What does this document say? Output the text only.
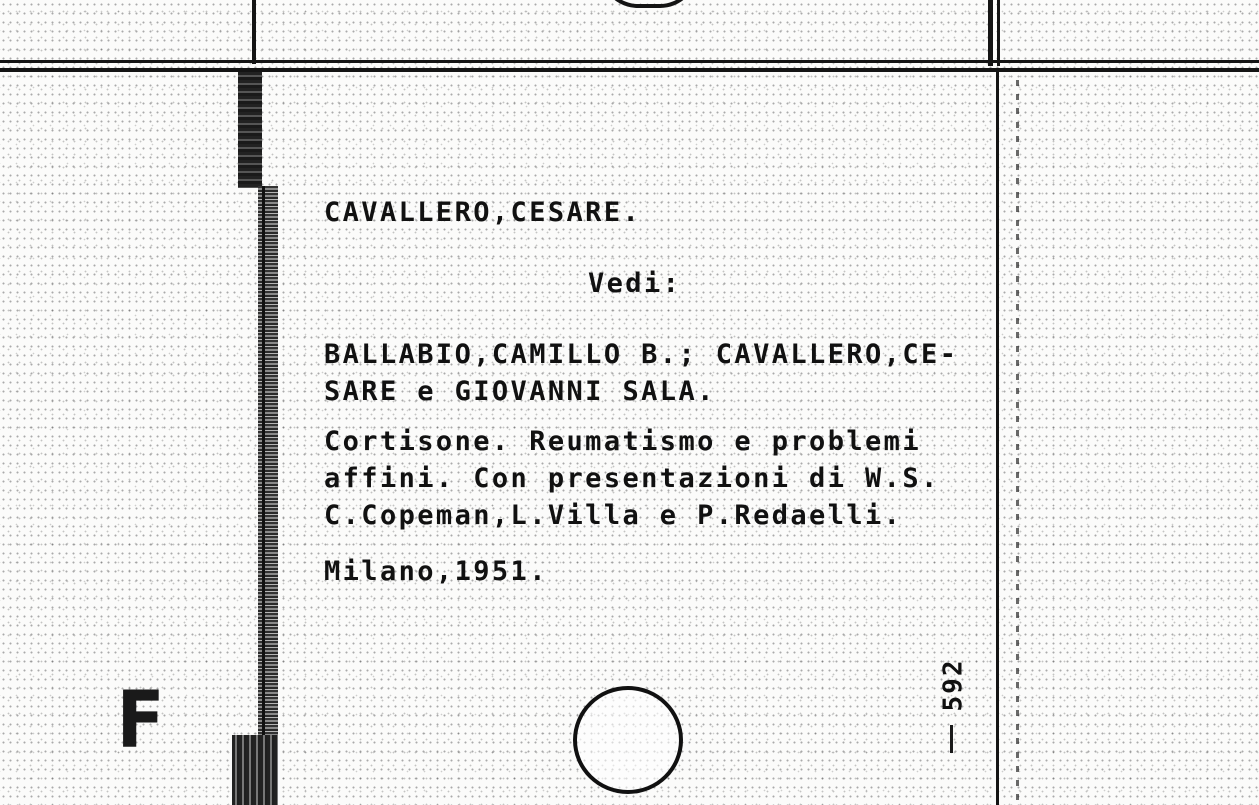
F
CAVALLERO,CESARE.
Vedi:
BALLABIO,CAMILLO B.; CAVALLERO,CE-
SARE e GIOVANNI SALA.
Cortisone. Reumatismo e problemi
affini. Con presentazioni di W.S.
C.Copeman,L.Villa e P.Redaelli.
Milano,1951.
592
